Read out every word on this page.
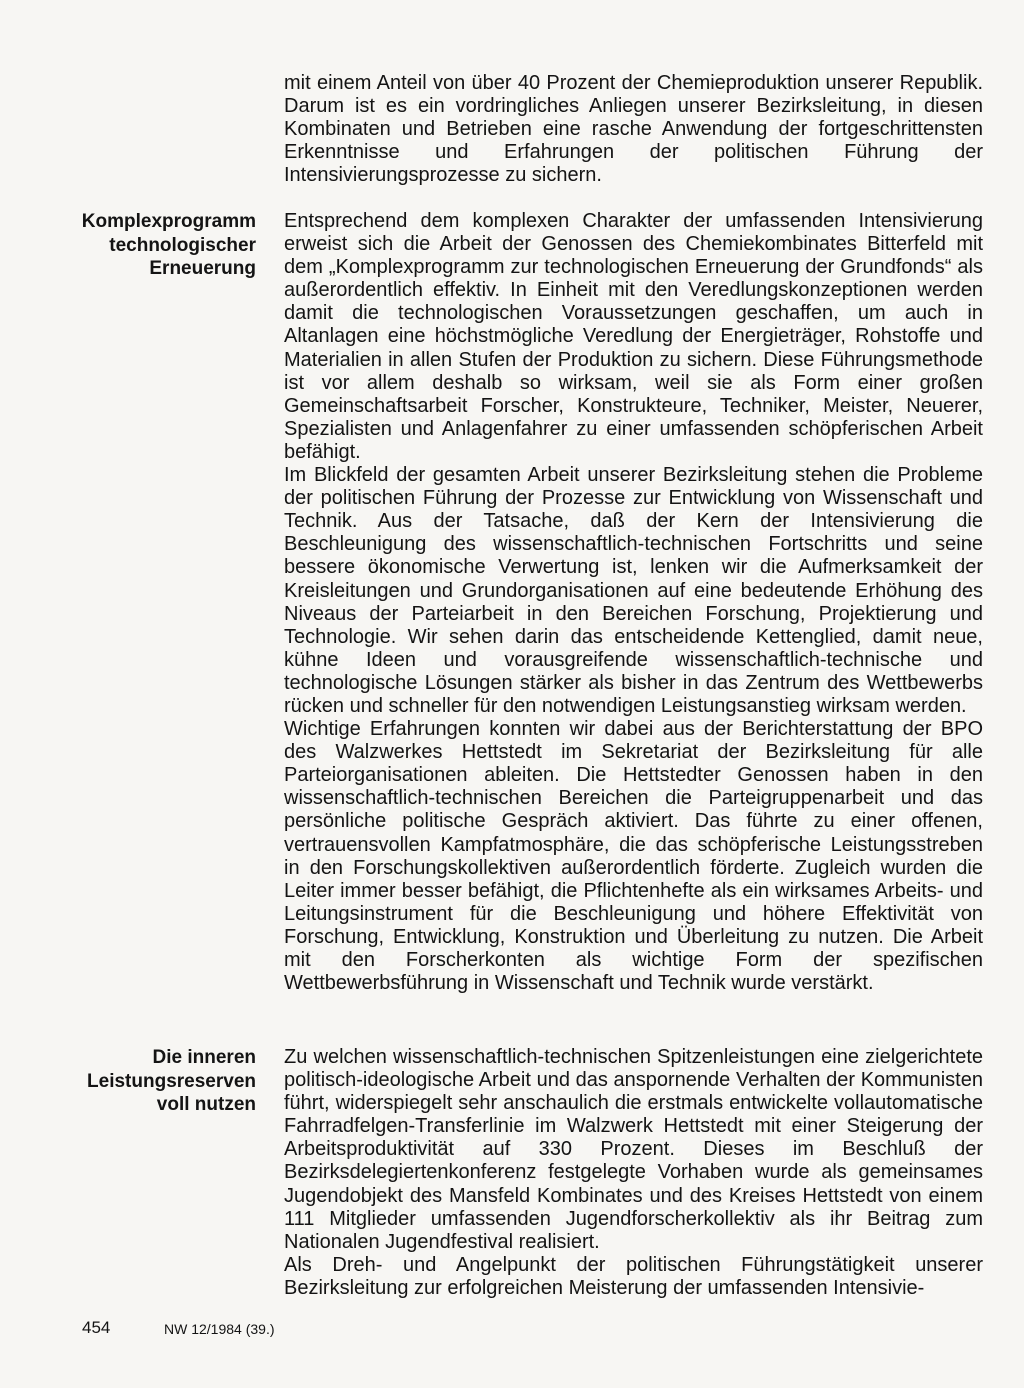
mit einem Anteil von über 40 Prozent der Chemieproduktion unserer Republik. Darum ist es ein vordringliches Anliegen unserer Bezirksleitung, in diesen Kombinaten und Betrieben eine rasche Anwendung der fortgeschrittensten Erkenntnisse und Erfahrungen der politischen Führung der Intensivierungsprozesse zu sichern.

Komplexprogramm
technologischer
Erneuerung

Entsprechend dem komplexen Charakter der umfassenden Intensivierung erweist sich die Arbeit der Genossen des Chemiekombinates Bitterfeld mit dem „Komplexprogramm zur technologischen Erneuerung der Grundfonds“ als außerordentlich effektiv. In Einheit mit den Veredlungskonzeptionen werden damit die technologischen Voraussetzungen geschaffen, um auch in Altanlagen eine höchstmögliche Veredlung der Energieträger, Rohstoffe und Materialien in allen Stufen der Produktion zu sichern. Diese Führungsmethode ist vor allem deshalb so wirksam, weil sie als Form einer großen Gemeinschaftsarbeit Forscher, Konstrukteure, Techniker, Meister, Neuerer, Spezialisten und Anlagenfahrer zu einer umfassenden schöpferischen Arbeit befähigt.

Im Blickfeld der gesamten Arbeit unserer Bezirksleitung stehen die Probleme der politischen Führung der Prozesse zur Entwicklung von Wissenschaft und Technik. Aus der Tatsache, daß der Kern der Intensivierung die Beschleunigung des wissenschaftlich-technischen Fortschritts und seine bessere ökonomische Verwertung ist, lenken wir die Aufmerksamkeit der Kreisleitungen und Grundorganisationen auf eine bedeutende Erhöhung des Niveaus der Parteiarbeit in den Bereichen Forschung, Projektierung und Technologie. Wir sehen darin das entscheidende Kettenglied, damit neue, kühne Ideen und vorausgreifende wissenschaftlich-technische und technologische Lösungen stärker als bisher in das Zentrum des Wettbewerbs rücken und schneller für den notwendigen Leistungsanstieg wirksam werden.

Wichtige Erfahrungen konnten wir dabei aus der Berichterstattung der BPO des Walzwerkes Hettstedt im Sekretariat der Bezirksleitung für alle Parteiorganisationen ableiten. Die Hettstedter Genossen haben in den wissenschaftlich-technischen Bereichen die Parteigruppenarbeit und das persönliche politische Gespräch aktiviert. Das führte zu einer offenen, vertrauensvollen Kampfatmosphäre, die das schöpferische Leistungsstreben in den Forschungskollektiven außerordentlich förderte. Zugleich wurden die Leiter immer besser befähigt, die Pflichtenhefte als ein wirksames Arbeits- und Leitungsinstrument für die Beschleunigung und höhere Effektivität von Forschung, Entwicklung, Konstruktion und Überleitung zu nutzen. Die Arbeit mit den Forscherkonten als wichtige Form der spezifischen Wettbewerbsführung in Wissenschaft und Technik wurde verstärkt.

Die inneren
Leistungsreserven
voll nutzen

Zu welchen wissenschaftlich-technischen Spitzenleistungen eine zielgerichtete politisch-ideologische Arbeit und das anspornende Verhalten der Kommunisten führt, widerspiegelt sehr anschaulich die erstmals entwickelte vollautomatische Fahrradfelgen-Transferlinie im Walzwerk Hettstedt mit einer Steigerung der Arbeitsproduktivität auf 330 Prozent. Dieses im Beschluß der Bezirksdelegiertenkonferenz festgelegte Vorhaben wurde als gemeinsames Jugendobjekt des Mansfeld Kombinates und des Kreises Hettstedt von einem 111 Mitglieder umfassenden Jugendforscherkollektiv als ihr Beitrag zum Nationalen Jugendfestival realisiert.

Als Dreh- und Angelpunkt der politischen Führungstätigkeit unserer Bezirksleitung zur erfolgreichen Meisterung der umfassenden Intensivie-

454	NW 12/1984 (39.)
